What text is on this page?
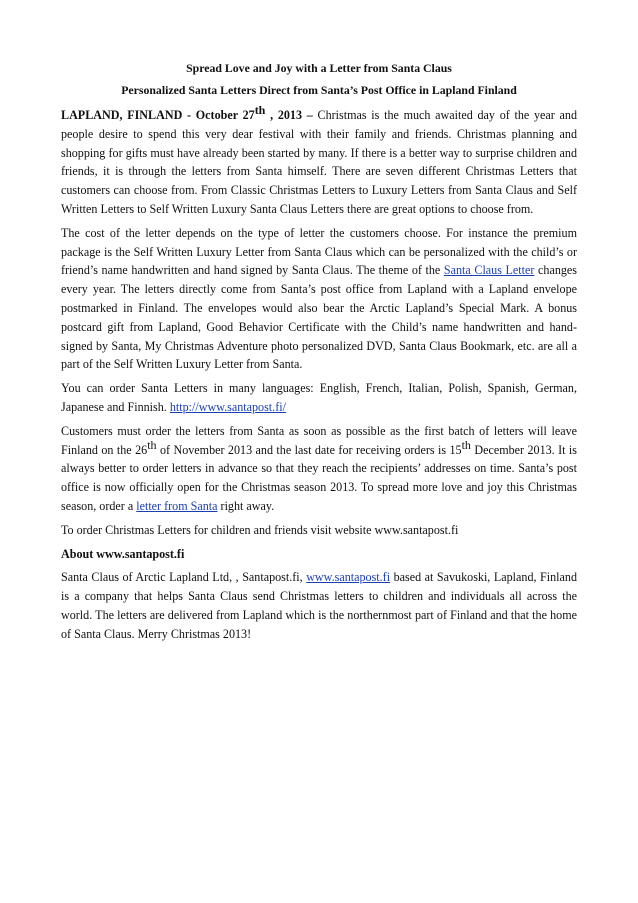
Spread Love and Joy with a Letter from Santa Claus
Personalized Santa Letters Direct from Santa’s Post Office in Lapland Finland

LAPLAND, FINLAND - October 27th , 2013 – Christmas is the much awaited day of the year and people desire to spend this very dear festival with their family and friends. Christmas planning and shopping for gifts must have already been started by many. If there is a better way to surprise children and friends, it is through the letters from Santa himself. There are seven different Christmas Letters that customers can choose from. From Classic Christmas Letters to Luxury Letters from Santa Claus and Self Written Letters to Self Written Luxury Santa Claus Letters there are great options to choose from.

The cost of the letter depends on the type of letter the customers choose. For instance the premium package is the Self Written Luxury Letter from Santa Claus which can be personalized with the child’s or friend’s name handwritten and hand signed by Santa Claus. The theme of the Santa Claus Letter changes every year. The letters directly come from Santa’s post office from Lapland with a Lapland envelope postmarked in Finland. The envelopes would also bear the Arctic Lapland’s Special Mark. A bonus postcard gift from Lapland, Good Behavior Certificate with the Child’s name handwritten and hand-signed by Santa, My Christmas Adventure photo personalized DVD, Santa Claus Bookmark, etc. are all a part of the Self Written Luxury Letter from Santa.

You can order Santa Letters in many languages: English, French, Italian, Polish, Spanish, German, Japanese and Finnish. http://www.santapost.fi/

Customers must order the letters from Santa as soon as possible as the first batch of letters will leave Finland on the 26th of November 2013 and the last date for receiving orders is 15th December 2013. It is always better to order letters in advance so that they reach the recipients’ addresses on time. Santa’s post office is now officially open for the Christmas season 2013. To spread more love and joy this Christmas season, order a letter from Santa right away.

To order Christmas Letters for children and friends visit website www.santapost.fi

About www.santapost.fi

Santa Claus of Arctic Lapland Ltd, , Santapost.fi, www.santapost.fi based at Savukoski, Lapland, Finland is a company that helps Santa Claus send Christmas letters to children and individuals all across the world. The letters are delivered from Lapland which is the northernmost part of Finland and that the home of Santa Claus. Merry Christmas 2013!
